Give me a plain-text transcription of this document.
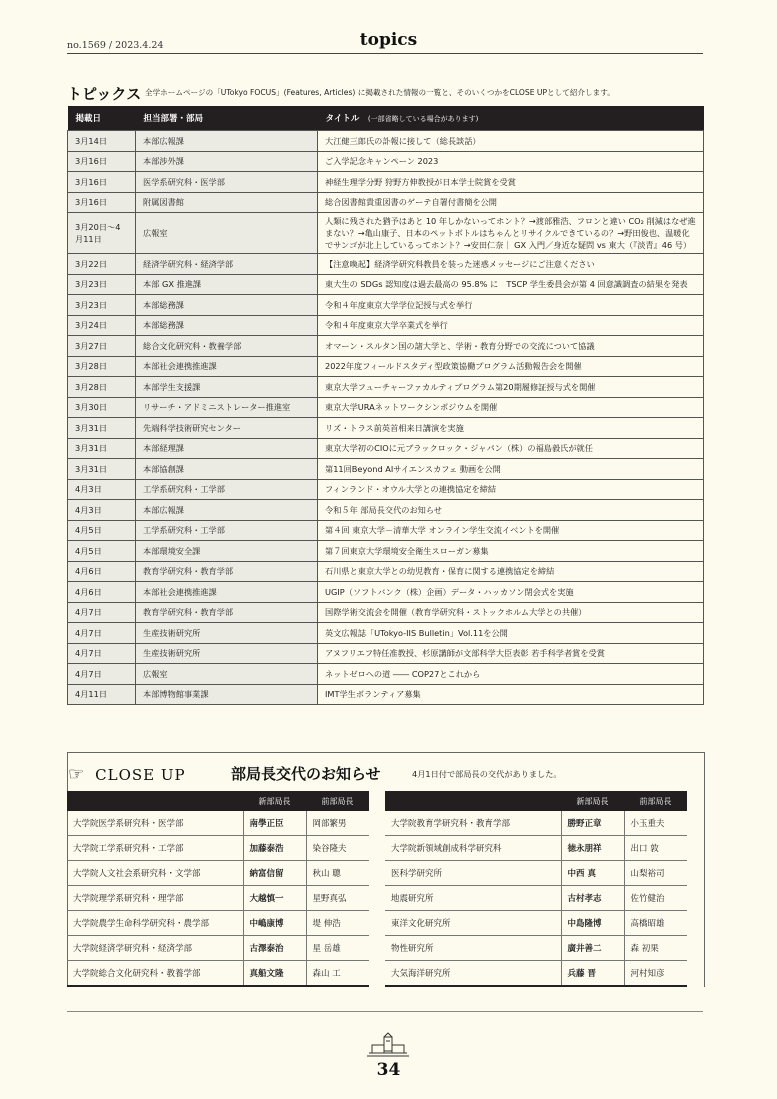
no.1569 / 2023.4.24	topics
トピックス 全学ホームページの「UTokyo FOCUS」(Features, Articles) に掲載された情報の一覧と、そのいくつかをCLOSE UPとして紹介します。
掲載日	担当部署・部局	タイトル　 (一部省略している場合があります)
3月14日	本部広報課	大江健三郎氏の訃報に接して（総長談話）
3月16日	本部渉外課	ご入学記念キャンペーン 2023
3月16日	医学系研究科・医学部	神経生理学分野 狩野方伸教授が日本学士院賞を受賞
3月16日	附属図書館	総合図書館貴重図書のゲーテ自署付書簡を公開
3月20日～4月11日	広報室	人類に残された猶予はあと 10 年しかないってホント？→渡部雅浩、フロンと違い CO₂ 削減はなぜ進まない？→亀山康子、日本のペットボトルはちゃんとリサイクルできているの？→野田俊也、温暖化でサンゴが北上しているってホント？→安田仁奈｜ GX 入門／身近な疑問 vs 東大（『淡青』46 号）
3月22日	経済学研究科・経済学部	【注意喚起】経済学研究科教員を装った迷惑メッセージにご注意ください
3月23日	本部 GX 推進課	東大生の SDGs 認知度は過去最高の 95.8% に　TSCP 学生委員会が第 4 回意識調査の結果を発表
3月23日	本部総務課	令和４年度東京大学学位記授与式を挙行
3月24日	本部総務課	令和４年度東京大学卒業式を挙行
3月27日	総合文化研究科・教養学部	オマーン・スルタン国の諸大学と、学術・教育分野での交流について協議
3月28日	本部社会連携推進課	2022年度フィールドスタディ型政策協働プログラム活動報告会を開催
3月28日	本部学生支援課	東京大学フューチャーファカルティプログラム第20期履修証授与式を開催
3月30日	リサーチ・アドミニストレーター推進室	東京大学URAネットワークシンポジウムを開催
3月31日	先端科学技術研究センター	リズ・トラス前英首相来日講演を実施
3月31日	本部経理課	東京大学初のCIOに元ブラックロック・ジャパン（株）の福島毅氏が就任
3月31日	本部協創課	第11回Beyond AIサイエンスカフェ 動画を公開
4月3日	工学系研究科・工学部	フィンランド・オウル大学との連携協定を締結
4月3日	本部広報課	令和５年 部局長交代のお知らせ
4月5日	工学系研究科・工学部	第４回 東京大学－清華大学 オンライン学生交流イベントを開催
4月5日	本部環境安全課	第７回東京大学環境安全衛生スローガン募集
4月6日	教育学研究科・教育学部	石川県と東京大学との幼児教育・保育に関する連携協定を締結
4月6日	本部社会連携推進課	UGIP（ソフトバンク（株）企画）データ・ハッカソン閉会式を実施
4月7日	教育学研究科・教育学部	国際学術交流会を開催（教育学研究科・ストックホルム大学との共催）
4月7日	生産技術研究所	英文広報誌「UTokyo-IIS Bulletin」Vol.11を公開
4月7日	生産技術研究所	アヌフリエフ特任准教授、杉原講師が文部科学大臣表彰 若手科学者賞を受賞
4月7日	広報室	ネットゼロへの道 ―― COP27とこれから
4月11日	本部博物館事業課	IMT学生ボランティア募集
☞ CLOSE UP	部局長交代のお知らせ	4月1日付で部局長の交代がありました。
	新部局長	前部局長
大学院医学系研究科・医学部	南學正臣	岡部繁男
大学院工学系研究科・工学部	加藤泰浩	染谷隆夫
大学院人文社会系研究科・文学部	納富信留	秋山 聰
大学院理学系研究科・理学部	大越慎一	星野真弘
大学院農学生命科学研究科・農学部	中嶋康博	堤 伸浩
大学院経済学研究科・経済学部	古澤泰治	星 岳雄
大学院総合文化研究科・教養学部	真船文隆	森山 工
	新部局長	前部局長
大学院教育学研究科・教育学部	勝野正章	小玉重夫
大学院新領域創成科学研究科	徳永朋祥	出口 敦
医科学研究所	中西 真	山梨裕司
地震研究所	古村孝志	佐竹健治
東洋文化研究所	中島隆博	高橋昭雄
物性研究所	廣井善二	森 初果
大気海洋研究所	兵藤 晋	河村知彦
34
